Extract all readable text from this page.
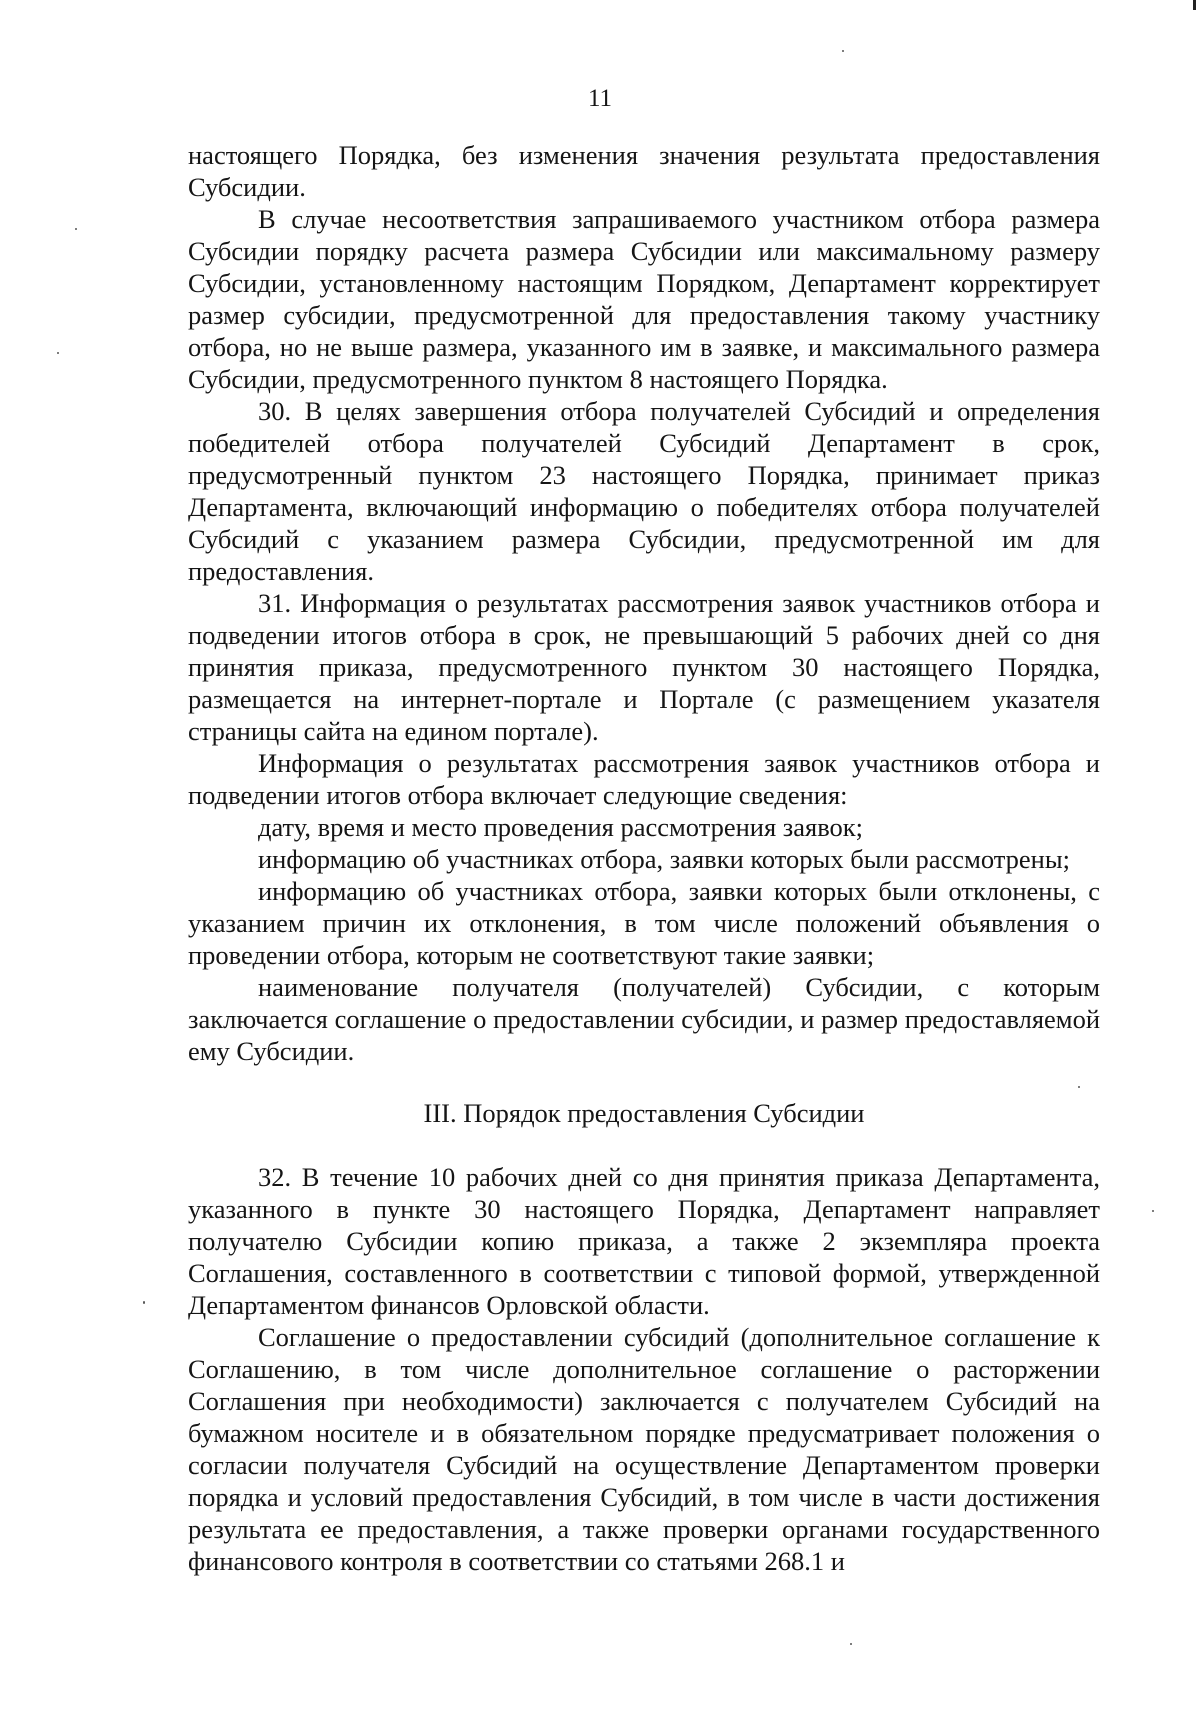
11

настоящего Порядка, без изменения значения результата предоставления Субсидии.

В случае несоответствия запрашиваемого участником отбора размера Субсидии порядку расчета размера Субсидии или максимальному размеру Субсидии, установленному настоящим Порядком, Департамент корректирует размер субсидии, предусмотренной для предоставления такому участнику отбора, но не выше размера, указанного им в заявке, и максимального размера Субсидии, предусмотренного пунктом 8 настоящего Порядка.

30. В целях завершения отбора получателей Субсидий и определения победителей отбора получателей Субсидий Департамент в срок, предусмотренный пунктом 23 настоящего Порядка, принимает приказ Департамента, включающий информацию о победителях отбора получателей Субсидий с указанием размера Субсидии, предусмотренной им для предоставления.

31. Информация о результатах рассмотрения заявок участников отбора и подведении итогов отбора в срок, не превышающий 5 рабочих дней со дня принятия приказа, предусмотренного пунктом 30 настоящего Порядка, размещается на интернет-портале и Портале (с размещением указателя страницы сайта на едином портале).

Информация о результатах рассмотрения заявок участников отбора и подведении итогов отбора включает следующие сведения:

дату, время и место проведения рассмотрения заявок;

информацию об участниках отбора, заявки которых были рассмотрены;

информацию об участниках отбора, заявки которых были отклонены, с указанием причин их отклонения, в том числе положений объявления о проведении отбора, которым не соответствуют такие заявки;

наименование получателя (получателей) Субсидии, с которым заключается соглашение о предоставлении субсидии, и размер предоставляемой ему Субсидии.

III. Порядок предоставления Субсидии

32. В течение 10 рабочих дней со дня принятия приказа Департамента, указанного в пункте 30 настоящего Порядка, Департамент направляет получателю Субсидии копию приказа, а также 2 экземпляра проекта Соглашения, составленного в соответствии с типовой формой, утвержденной Департаментом финансов Орловской области.

Соглашение о предоставлении субсидий (дополнительное соглашение к Соглашению, в том числе дополнительное соглашение о расторжении Соглашения при необходимости) заключается с получателем Субсидий на бумажном носителе и в обязательном порядке предусматривает положения о согласии получателя Субсидий на осуществление Департаментом проверки порядка и условий предоставления Субсидий, в том числе в части достижения результата ее предоставления, а также проверки органами государственного финансового контроля в соответствии со статьями 268.1 и
